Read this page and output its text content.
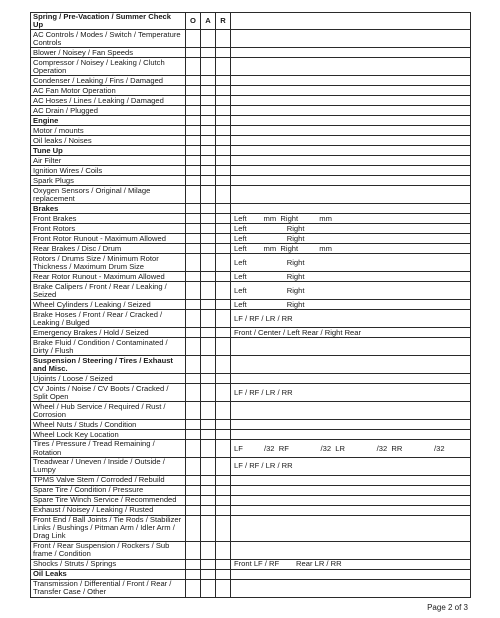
Spring / Pre-Vacation / Summer Check Up	O	A	R	
AC Controls / Modes / Switch / Temperature Controls				
Blower / Noisey / Fan Speeds				
Compressor / Noisey / Leaking / Clutch Operation				
Condenser / Leaking / Fins / Damaged				
AC Fan Motor Operation				
AC Hoses / Lines / Leaking / Damaged				
AC Drain / Plugged				
Engine				
Motor / mounts				
Oil leaks / Noises				
Tune Up				
Air Filter				
Ignition Wires / Coils				
Spark Plugs				
Oxygen Sensors / Original / Milage replacement				
Brakes				
Front Brakes				Left        mm  Right          mm
Front Rotors				Left                   Right
Front Rotor Runout - Maximum Allowed				Left                   Right
Rear Brakes / Disc / Drum				Left        mm  Right          mm
Rotors / Drums Size / Minimum Rotor Thickness / Maximum Drum Size				Left                   Right
Rear Rotor Runout - Maximum Allowed				Left                   Right
Brake Calipers / Front / Rear / Leaking / Seized				Left                   Right
Wheel Cylinders / Leaking / Seized				Left                   Right
Brake Hoses / Front / Rear / Cracked / Leaking / Bulged				LF / RF / LR / RR
Emergency Brakes / Hold / Seized				Front / Center / Left Rear / Right Rear
Brake Fluid / Condition / Contaminated / Dirty / Flush				
Suspension / Steering / Tires / Exhaust and Misc.				
Ujoints / Loose / Seized				
CV Joints / Noise / CV Boots / Cracked / Split Open				LF / RF / LR / RR
Wheel / Hub Service / Required / Rust / Corrosion				
Wheel Nuts / Studs / Condition				
Wheel Lock Key Location				
Tires / Pressure / Tread Remaining / Rotation				LF          /32  RF               /32  LR               /32  RR               /32
Treadwear / Uneven / Inside / Outside / Lumpy				LF / RF / LR / RR
TPMS Valve Stem / Corroded / Rebuild				
Spare Tire / Condition / Pressure				
Spare Tire Winch Service / Recommended				
Exhaust / Noisey / Leaking / Rusted				
Front End / Ball Joints / Tie Rods / Stabilizer Links / Bushings / Pitman Arm / Idler Arm / Drag Link				
Front / Rear Suspension / Rockers / Sub frame / Condition				
Shocks / Struts / Springs				Front LF / RF        Rear LR / RR
Oil Leaks				
Transmission / Differential / Front / Rear / Transfer Case / Other				
Page 2 of 3
